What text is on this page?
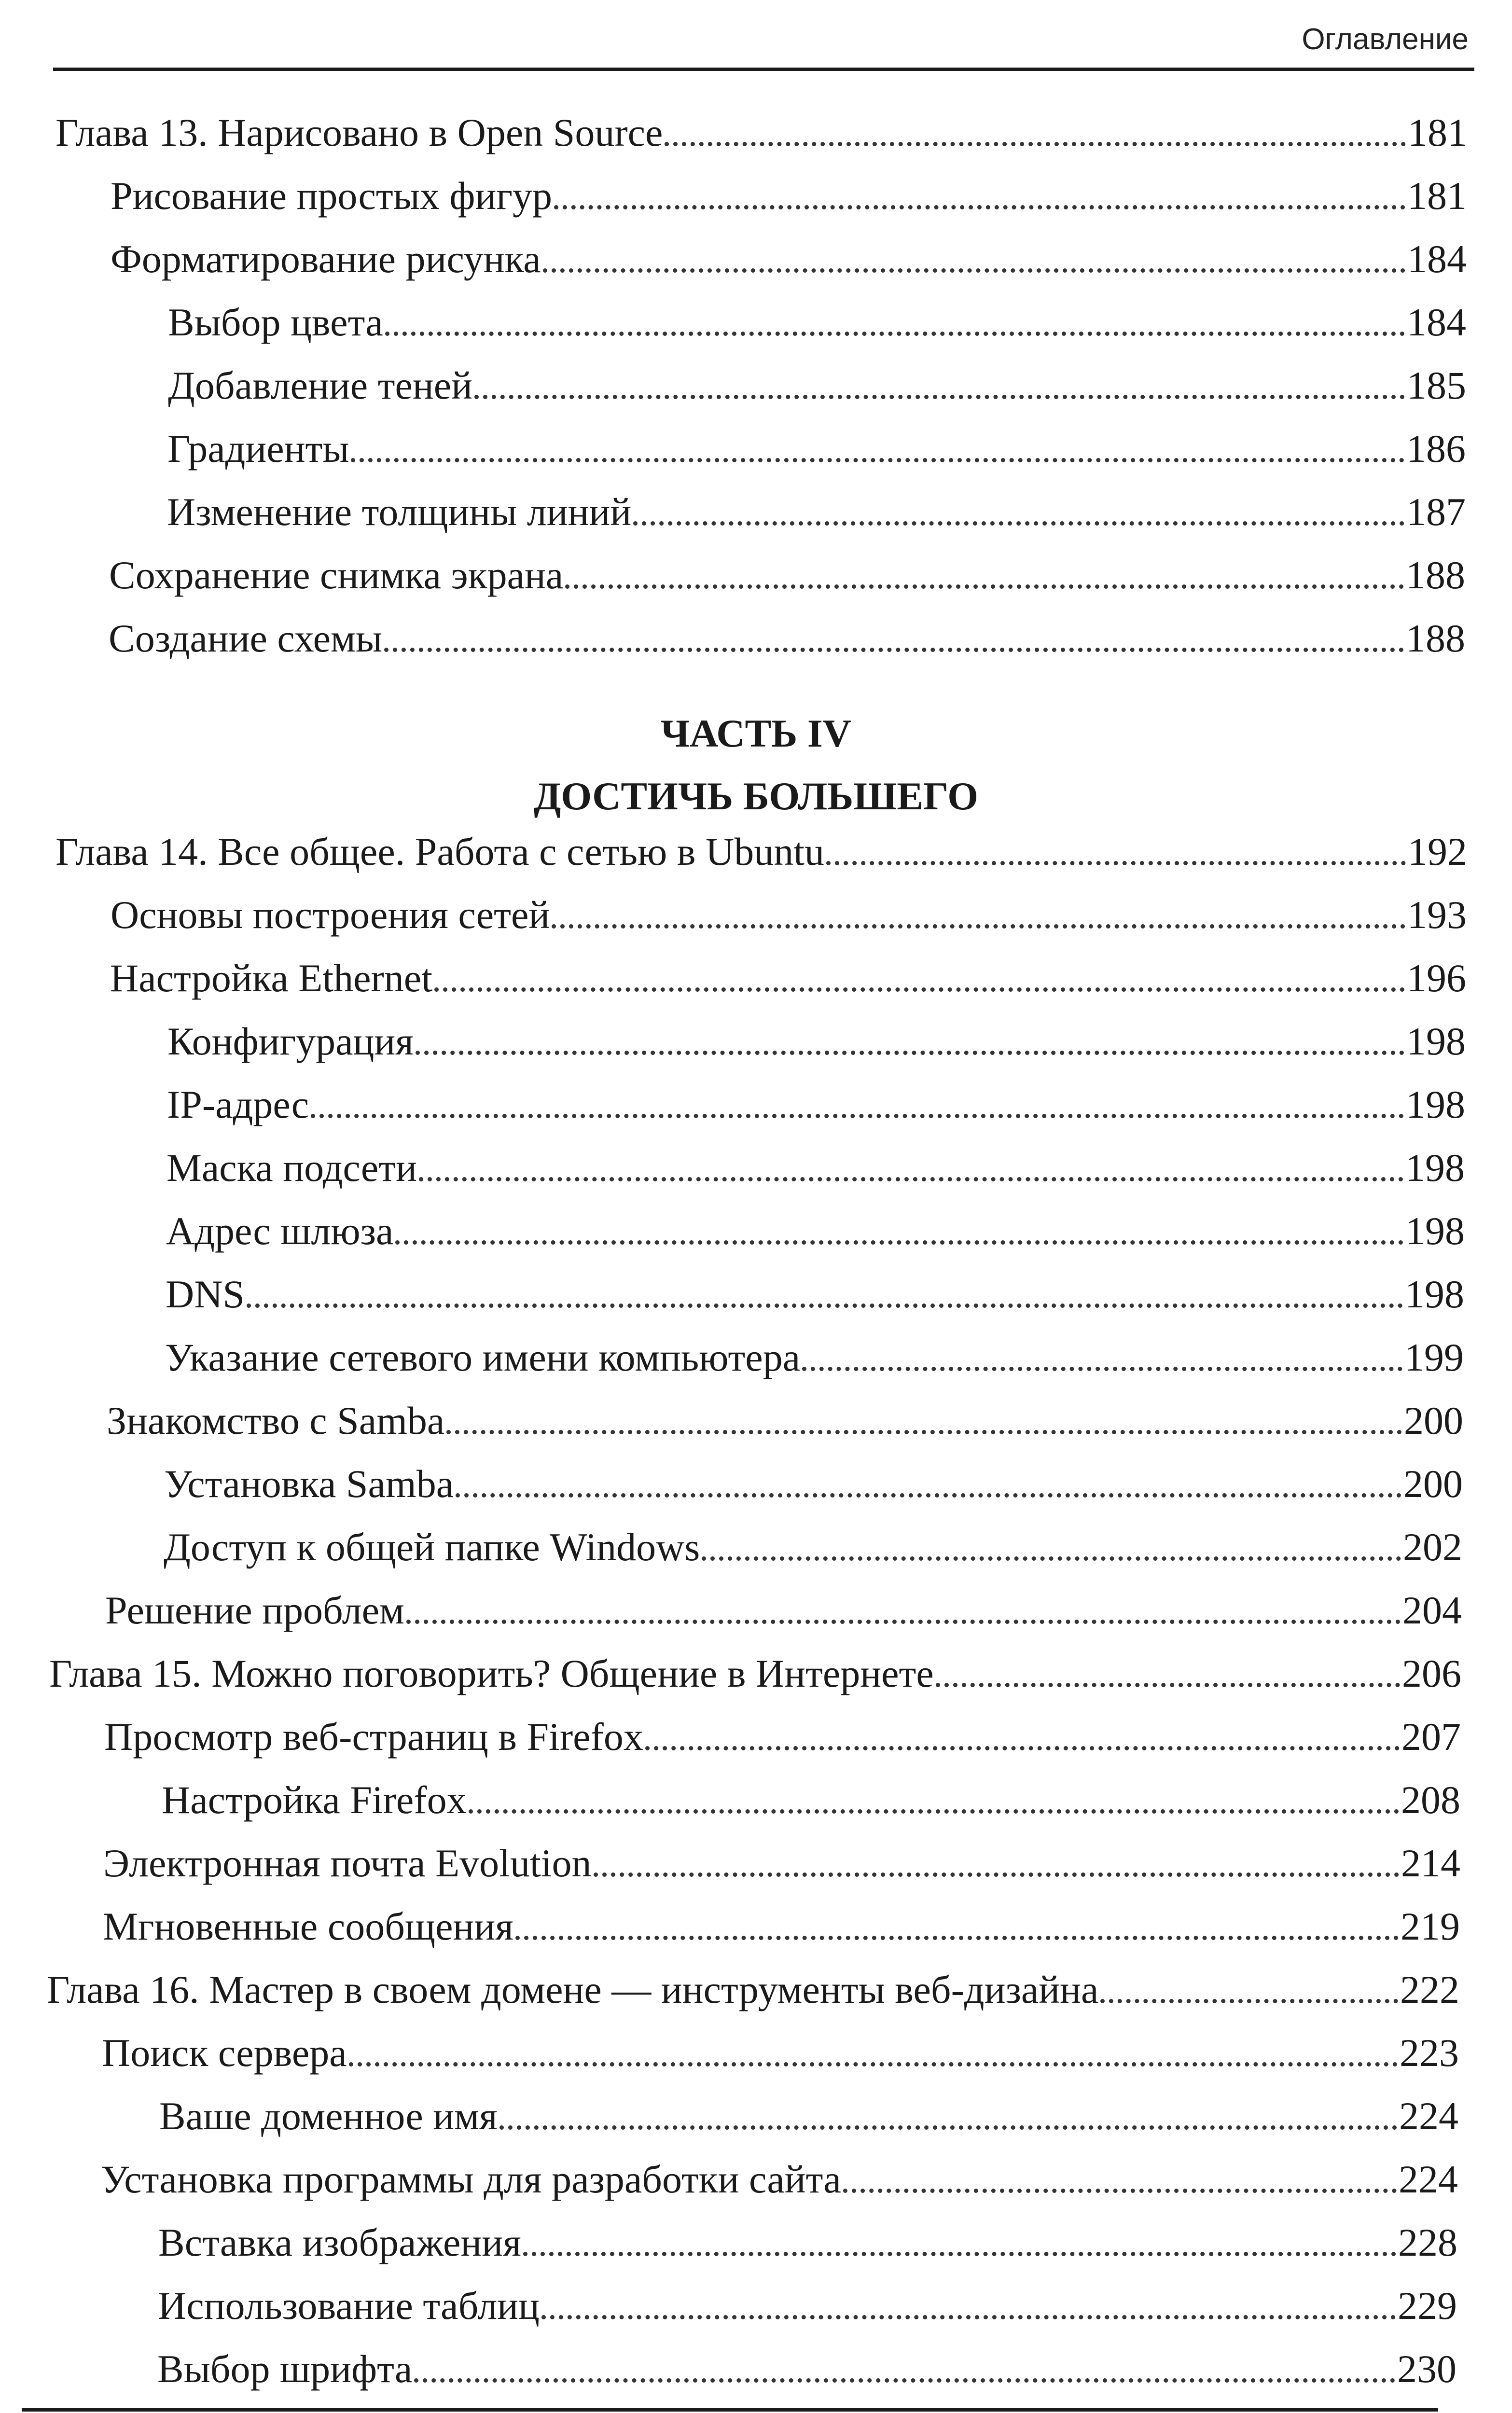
Оглавление
Глава 13. Нарисовано в Open Source	181
Рисование простых фигур	181
Форматирование рисунка	184
Выбор цвета	184
Добавление теней	185
Градиенты	186
Изменение толщины линий	187
Сохранение снимка экрана	188
Создание схемы	188
ЧАСТЬ IV
ДОСТИЧЬ БОЛЬШЕГО
Глава 14. Все общее. Работа с сетью в Ubuntu	192
Основы построения сетей	193
Настройка Ethernet	196
Конфигурация	198
IP-адрес	198
Маска подсети	198
Адрес шлюза	198
DNS	198
Указание сетевого имени компьютера	199
Знакомство с Samba	200
Установка Samba	200
Доступ к общей папке Windows	202
Решение проблем	204
Глава 15. Можно поговорить? Общение в Интернете	206
Просмотр веб-страниц в Firefox	207
Настройка Firefox	208
Электронная почта Evolution	214
Мгновенные сообщения	219
Глава 16. Мастер в своем домене — инструменты веб-дизайна	222
Поиск сервера	223
Ваше доменное имя	224
Установка программы для разработки сайта	224
Вставка изображения	228
Использование таблиц	229
Выбор шрифта	230
